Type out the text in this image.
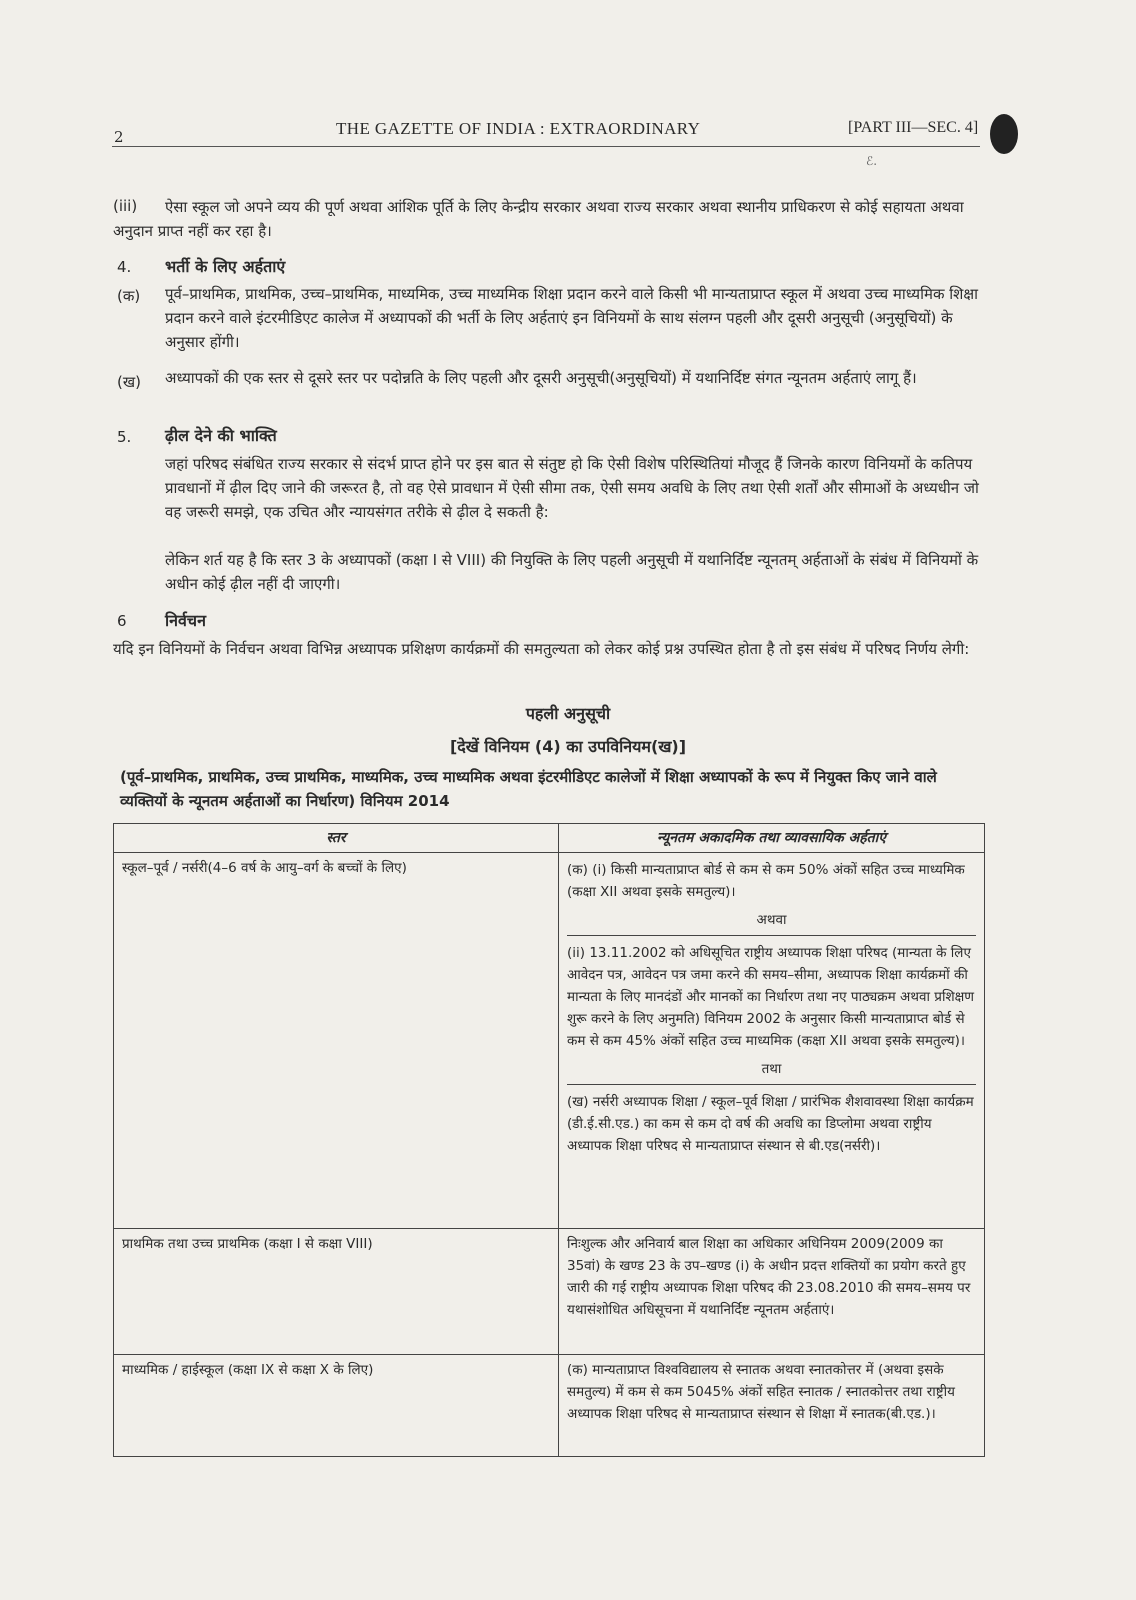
2	THE GAZETTE OF INDIA : EXTRAORDINARY	[PART III—SEC. 4]
ℰ.
(iii)	ऐसा स्कूल जो अपने व्यय की पूर्ण अथवा आंशिक पूर्ति के लिए केन्द्रीय सरकार अथवा राज्य सरकार अथवा स्थानीय प्राधिकरण से कोई सहायता अथवा अनुदान प्राप्त नहीं कर रहा है।
4. भर्ती के लिए अर्हताएं
(क) पूर्व–प्राथमिक, प्राथमिक, उच्च–प्राथमिक, माध्यमिक, उच्च माध्यमिक शिक्षा प्रदान करने वाले किसी भी मान्यताप्राप्त स्कूल में अथवा उच्च माध्यमिक शिक्षा प्रदान करने वाले इंटरमीडिएट कालेज में अध्यापकों की भर्ती के लिए अर्हताएं इन विनियमों के साथ संलग्न पहली और दूसरी अनुसूची (अनुसूचियों) के अनुसार होंगी।
(ख) अध्यापकों की एक स्तर से दूसरे स्तर पर पदोन्नति के लिए पहली और दूसरी अनुसूची(अनुसूचियों) में यथानिर्दिष्ट संगत न्यूनतम अर्हताएं लागू हैं।
5. ढ़ील देने की भाक्ति
जहां परिषद संबंधित राज्य सरकार से संदर्भ प्राप्त होने पर इस बात से संतुष्ट हो कि ऐसी विशेष परिस्थितियां मौजूद हैं जिनके कारण विनियमों के कतिपय प्रावधानों में ढ़ील दिए जाने की जरूरत है, तो वह ऐसे प्रावधान में ऐसी सीमा तक, ऐसी समय अवधि के लिए तथा ऐसी शर्तों और सीमाओं के अध्यधीन जो वह जरूरी समझे, एक उचित और न्यायसंगत तरीके से ढ़ील दे सकती है:
लेकिन शर्त यह है कि स्तर 3 के अध्यापकों (कक्षा I से VIII) की नियुक्ति के लिए पहली अनुसूची में यथानिर्दिष्ट न्यूनतम् अर्हताओं के संबंध में विनियमों के अधीन कोई ढ़ील नहीं दी जाएगी।
6 निर्वचन
यदि इन विनियमों के निर्वचन अथवा विभिन्न अध्यापक प्रशिक्षण कार्यक्रमों की समतुल्यता को लेकर कोई प्रश्न उपस्थित होता है तो इस संबंध में परिषद निर्णय लेगी:
पहली अनुसूची
[देखें विनियम (4) का उपविनियम(ख)]
(पूर्व–प्राथमिक, प्राथमिक, उच्च प्राथमिक, माध्यमिक, उच्च माध्यमिक अथवा इंटरमीडिएट कालेजों में शिक्षा अध्यापकों के रूप में नियुक्त किए जाने वाले व्यक्तियों के न्यूनतम अर्हताओं का निर्धारण) विनियम 2014
स्तर	न्यूनतम अकादमिक तथा व्यावसायिक अर्हताएं
स्कूल–पूर्व / नर्सरी(4–6 वर्ष के आयु–वर्ग के बच्चों के लिए)	(क) (i) किसी मान्यताप्राप्त बोर्ड से कम से कम 50% अंकों सहित उच्च माध्यमिक (कक्षा XII अथवा इसके समतुल्य)।
अथवा
(ii) 13.11.2002 को अधिसूचित राष्ट्रीय अध्यापक शिक्षा परिषद (मान्यता के लिए आवेदन पत्र, आवेदन पत्र जमा करने की समय–सीमा, अध्यापक शिक्षा कार्यक्रमों की मान्यता के लिए मानदंडों और मानकों का निर्धारण तथा नए पाठ्यक्रम अथवा प्रशिक्षण शुरू करने के लिए अनुमति) विनियम 2002 के अनुसार किसी मान्यताप्राप्त बोर्ड से कम से कम 45% अंकों सहित उच्च माध्यमिक (कक्षा XII अथवा इसके समतुल्य)।
तथा
(ख) नर्सरी अध्यापक शिक्षा / स्कूल–पूर्व शिक्षा / प्रारंभिक शैशवावस्था शिक्षा कार्यक्रम (डी.ई.सी.एड.) का कम से कम दो वर्ष की अवधि का डिप्लोमा अथवा राष्ट्रीय अध्यापक शिक्षा परिषद से मान्यताप्राप्त संस्थान से बी.एड(नर्सरी)।

प्राथमिक तथा उच्च प्राथमिक (कक्षा I से कक्षा VIII)	निःशुल्क और अनिवार्य बाल शिक्षा का अधिकार अधिनियम 2009(2009 का 35वां) के खण्ड 23 के उप–खण्ड (i) के अधीन प्रदत्त शक्तियों का प्रयोग करते हुए जारी की गई राष्ट्रीय अध्यापक शिक्षा परिषद की 23.08.2010 की समय–समय पर यथासंशोधित अधिसूचना में यथानिर्दिष्ट न्यूनतम अर्हताएं।
माध्यमिक / हाईस्कूल (कक्षा IX से कक्षा X के लिए)	(क) मान्यताप्राप्त विश्वविद्यालय से स्नातक अथवा स्नातकोत्तर में (अथवा इसके समतुल्य) में कम से कम 5045% अंकों सहित स्नातक / स्नातकोत्तर तथा राष्ट्रीय अध्यापक शिक्षा परिषद से मान्यताप्राप्त संस्थान से शिक्षा में स्नातक(बी.एड.)।
